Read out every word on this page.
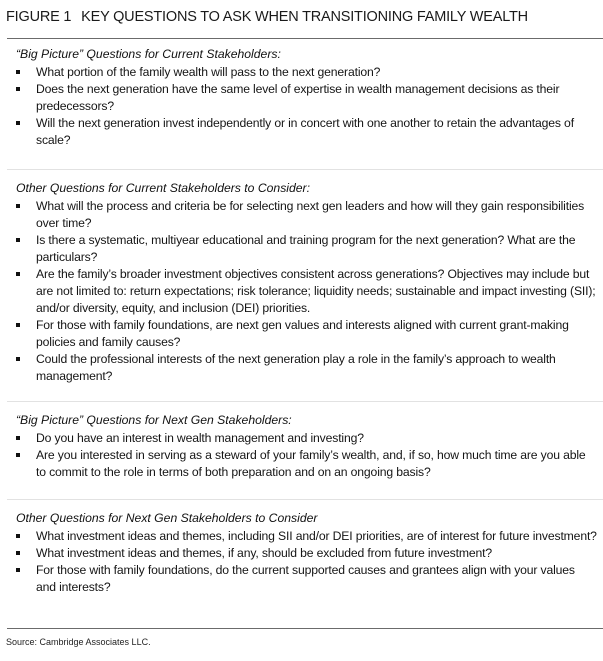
FIGURE 1 KEY QUESTIONS TO ASK WHEN TRANSITIONING FAMILY WEALTH
“Big Picture” Questions for Current Stakeholders:
What portion of the family wealth will pass to the next generation?
Does the next generation have the same level of expertise in wealth management decisions as their predecessors?
Will the next generation invest independently or in concert with one another to retain the advantages of scale?
Other Questions for Current Stakeholders to Consider:
What will the process and criteria be for selecting next gen leaders and how will they gain responsibilities over time?
Is there a systematic, multiyear educational and training program for the next generation? What are the particulars?
Are the family’s broader investment objectives consistent across generations? Objectives may include but are not limited to: return expectations; risk tolerance; liquidity needs; sustainable and impact investing (SII); and/or diversity, equity, and inclusion (DEI) priorities.
For those with family foundations, are next gen values and interests aligned with current grant-making policies and family causes?
Could the professional interests of the next generation play a role in the family’s approach to wealth management?
“Big Picture” Questions for Next Gen Stakeholders:
Do you have an interest in wealth management and investing?
Are you interested in serving as a steward of your family’s wealth, and, if so, how much time are you able to commit to the role in terms of both preparation and on an ongoing basis?
Other Questions for Next Gen Stakeholders to Consider
What investment ideas and themes, including SII and/or DEI priorities, are of interest for future investment?
What investment ideas and themes, if any, should be excluded from future investment?
For those with family foundations, do the current supported causes and grantees align with your values and interests?
Source: Cambridge Associates LLC.
